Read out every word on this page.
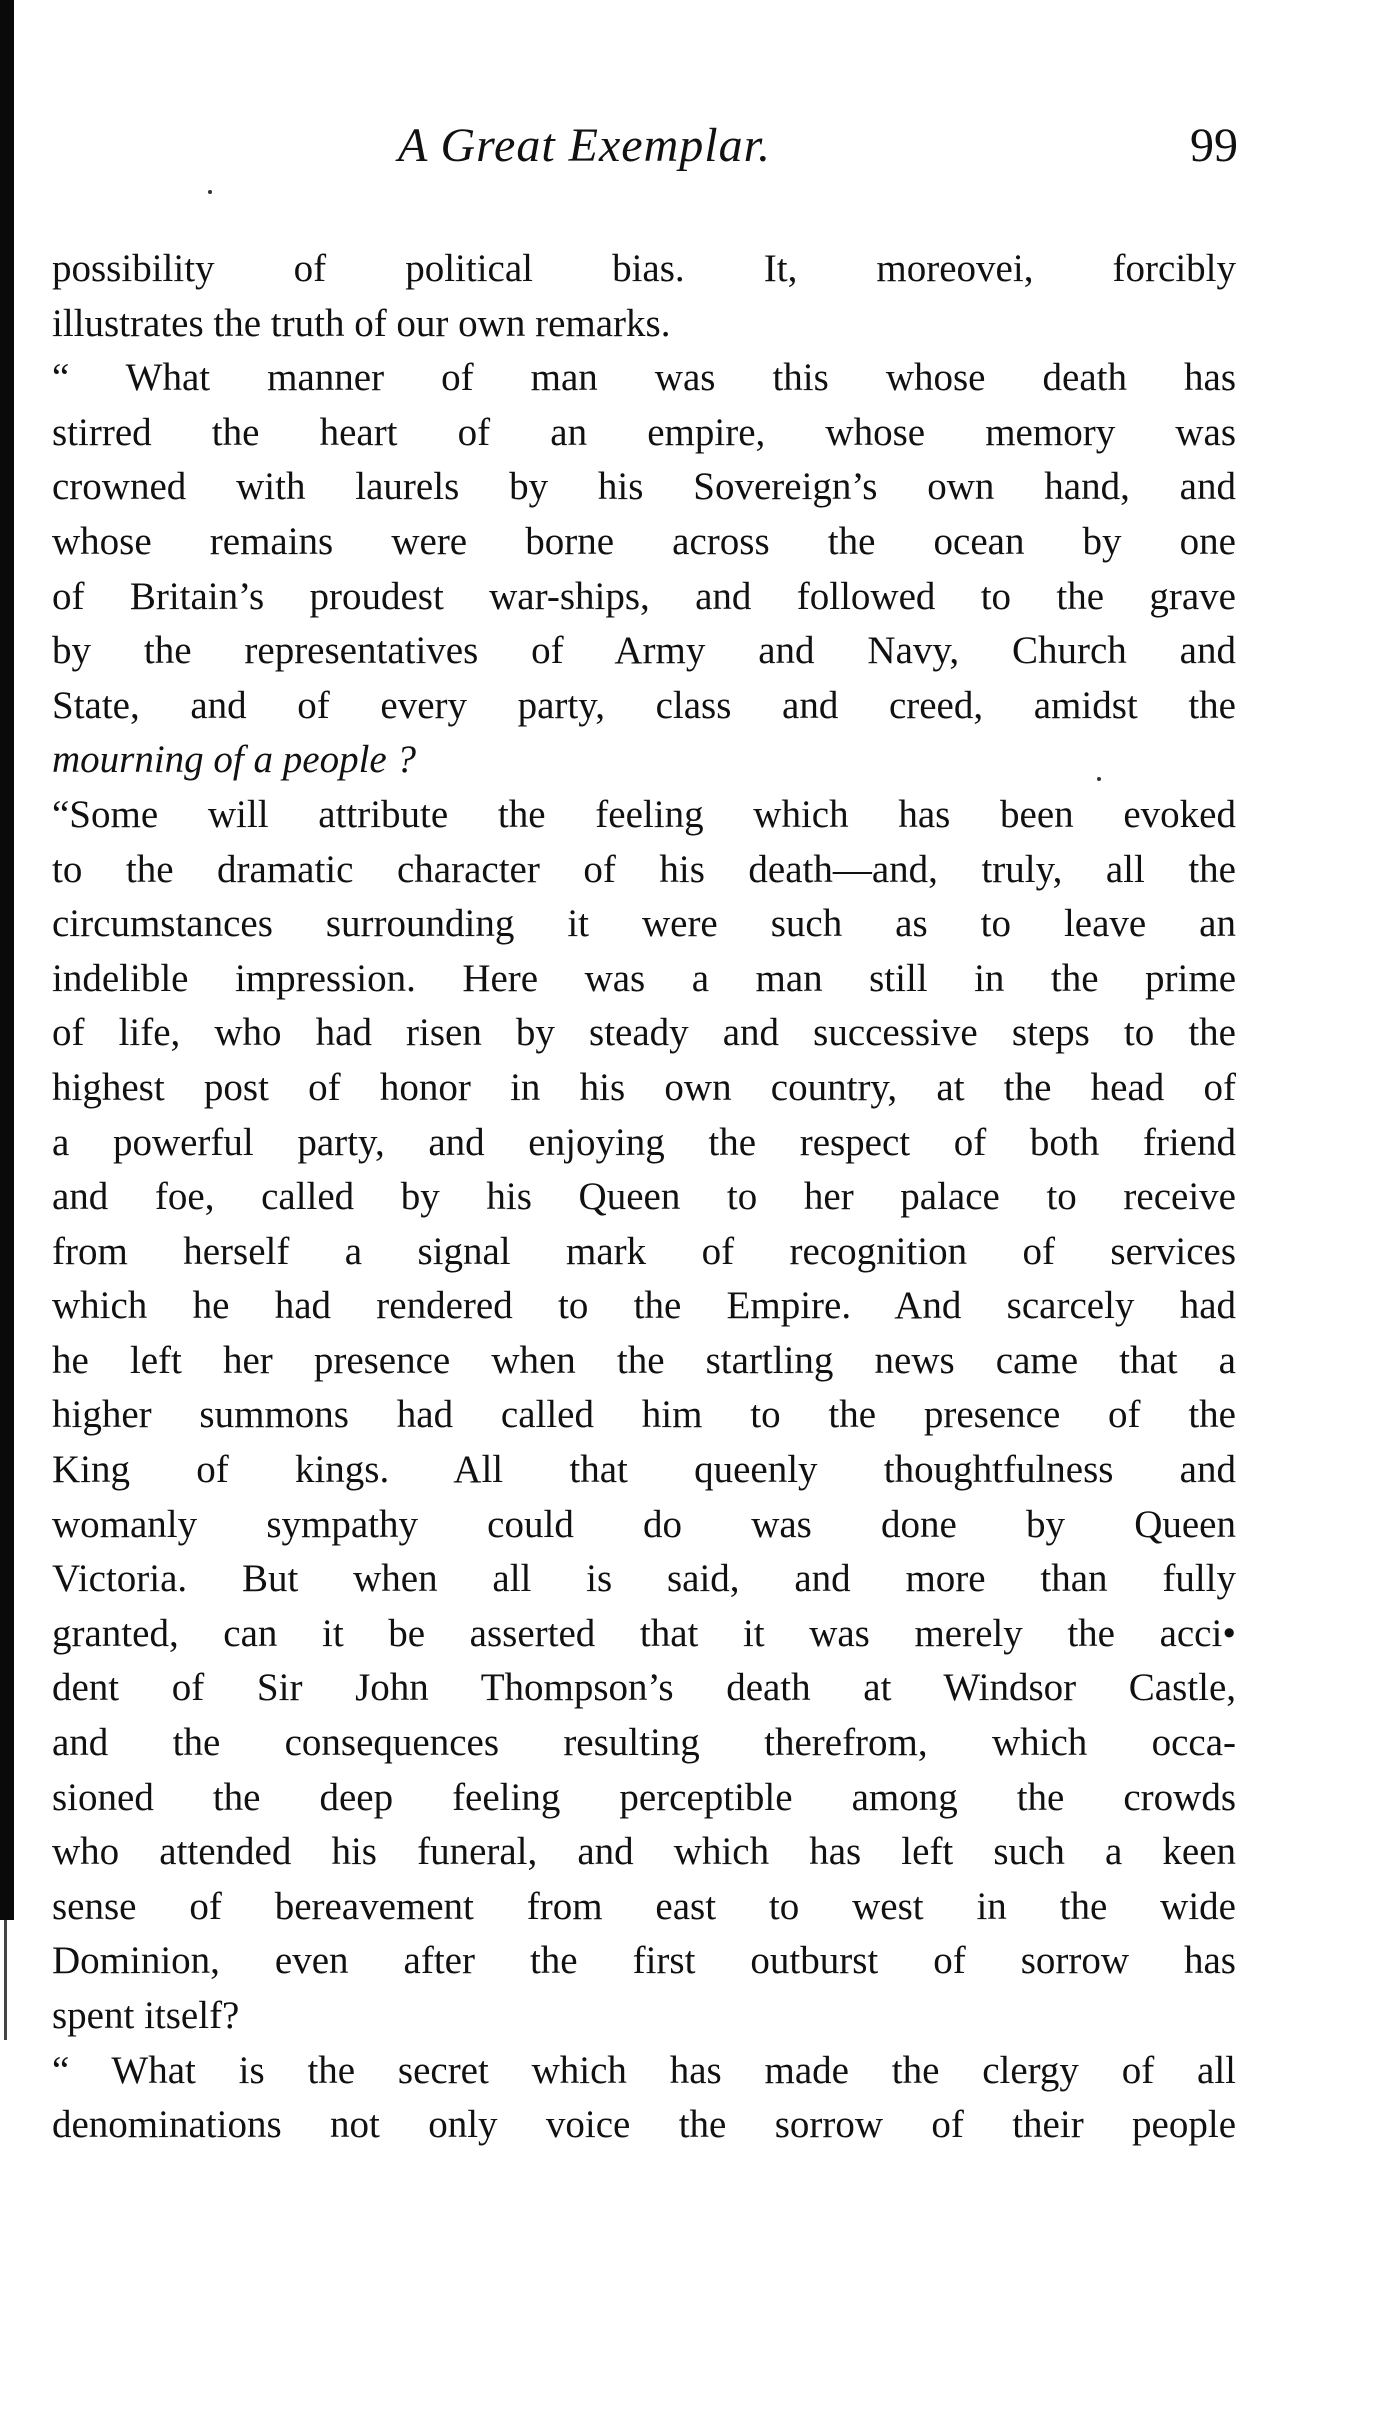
A Great Exemplar.	99
possibility of political bias. It, moreovei, forcibly
illustrates the truth of our own remarks.
“ What manner of man was this whose death has
stirred the heart of an empire, whose memory was
crowned with laurels by his Sovereign’s own hand, and
whose remains were borne across the ocean by one
of Britain’s proudest war-ships, and followed to the grave
by the representatives of Army and Navy, Church and
State, and of every party, class and creed, amidst the
mourning of a people ?
“Some will attribute the feeling which has been evoked
to the dramatic character of his death—and, truly, all the
circumstances surrounding it were such as to leave an
indelible impression. Here was a man still in the prime
of life, who had risen by steady and successive steps to the
highest post of honor in his own country, at the head of
a powerful party, and enjoying the respect of both friend
and foe, called by his Queen to her palace to receive
from herself a signal mark of recognition of services
which he had rendered to the Empire. And scarcely had
he left her presence when the startling news came that a
higher summons had called him to the presence of the
King of kings. All that queenly thoughtfulness and
womanly sympathy could do was done by Queen
Victoria. But when all is said, and more than fully
granted, can it be asserted that it was merely the acci•
dent of Sir John Thompson’s death at Windsor Castle,
and the consequences resulting therefrom, which occa-
sioned the deep feeling perceptible among the crowds
who attended his funeral, and which has left such a keen
sense of bereavement from east to west in the wide
Dominion, even after the first outburst of sorrow has
spent itself?
“ What is the secret which has made the clergy of all
denominations not only voice the sorrow of their people
